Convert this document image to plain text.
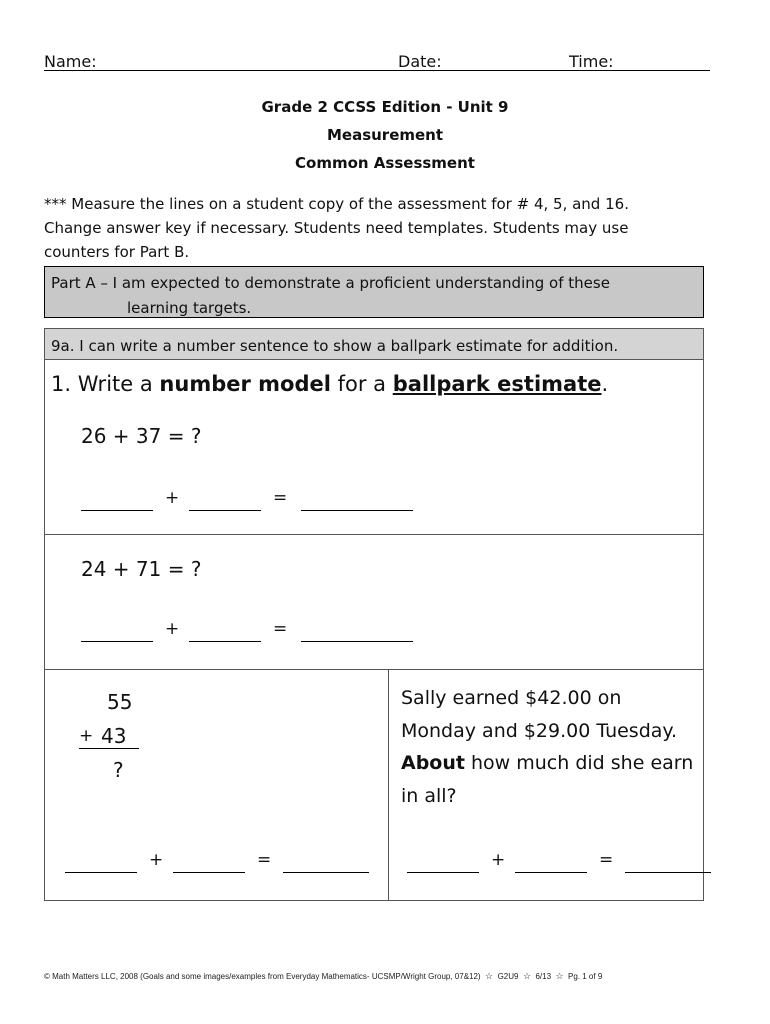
Name:	Date:	Time:
Grade 2 CCSS Edition - Unit 9
Measurement
Common Assessment
*** Measure the lines on a student copy of the assessment for # 4, 5, and 16.
Change answer key if necessary. Students need templates. Students may use
counters for Part B.
Part A – I am expected to demonstrate a proficient understanding of these
learning targets.
9a. I can write a number sentence to show a ballpark estimate for addition.
1. Write a number model for a ballpark estimate.
26 + 37 = ?
+	=
24 + 71 = ?
+	=
55
+ 43
?
+	=
Sally earned $42.00 on
Monday and $29.00 Tuesday.
About how much did she earn
in all?
+	=
© Math Matters LLC, 2008 (Goals and some images/examples from Everyday Mathematics- UCSMP/Wright Group, 07&12) ☆ G2U9 ☆ 6/13 ☆ Pg. 1 of 9
